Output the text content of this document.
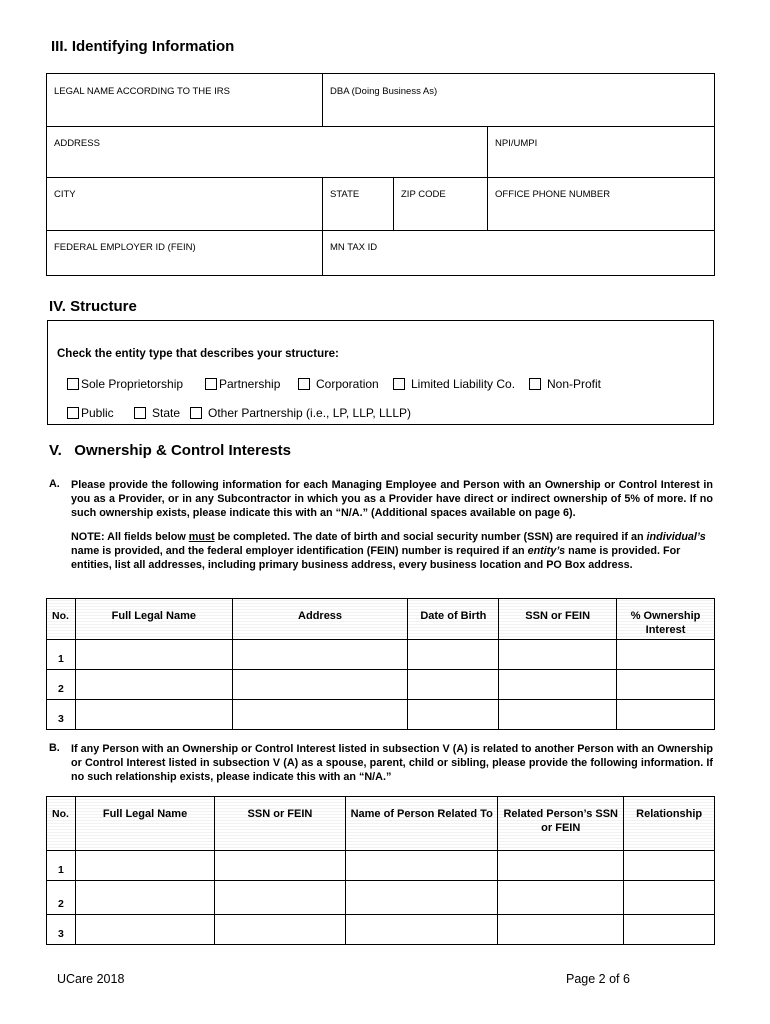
III. Identifying Information
LEGAL NAME ACCORDING TO THE IRS	DBA (Doing Business As)
ADDRESS	NPI/UMPI
CITY	STATE	ZIP CODE	OFFICE PHONE NUMBER
FEDERAL EMPLOYER ID (FEIN)	MN TAX ID
IV. Structure
Check the entity type that describes your structure:
Sole Proprietorship	Partnership	Corporation	Limited Liability Co.	Non-Profit
Public	State Other Partnership (i.e., LP, LLP, LLLP)
V.   Ownership & Control Interests
A. Please provide the following information for each Managing Employee and Person with an Ownership or Control Interest in you as a Provider, or in any Subcontractor in which you as a Provider have direct or indirect ownership of 5% of more. If no such ownership exists, please indicate this with an “N/A.” (Additional spaces available on page 6).
NOTE: All fields below must be completed. The date of birth and social security number (SSN) are required if an individual’s name is provided, and the federal employer identification (FEIN) number is required if an entity’s name is provided. For entities, list all addresses, including primary business address, every business location and PO Box address.
No.	Full Legal Name	Address	Date of Birth	SSN or FEIN	% Ownership Interest
1					
2					
3					
B. If any Person with an Ownership or Control Interest listed in subsection V (A) is related to another Person with an Ownership or Control Interest listed in subsection V (A) as a spouse, parent, child or sibling, please provide the following information. If no such relationship exists, please indicate this with an “N/A.”
No.	Full Legal Name	SSN or FEIN	Name of Person Related To	Related Person’s SSN or FEIN	Relationship
1					
2					
3					
UCare 2018	Page 2 of 6
